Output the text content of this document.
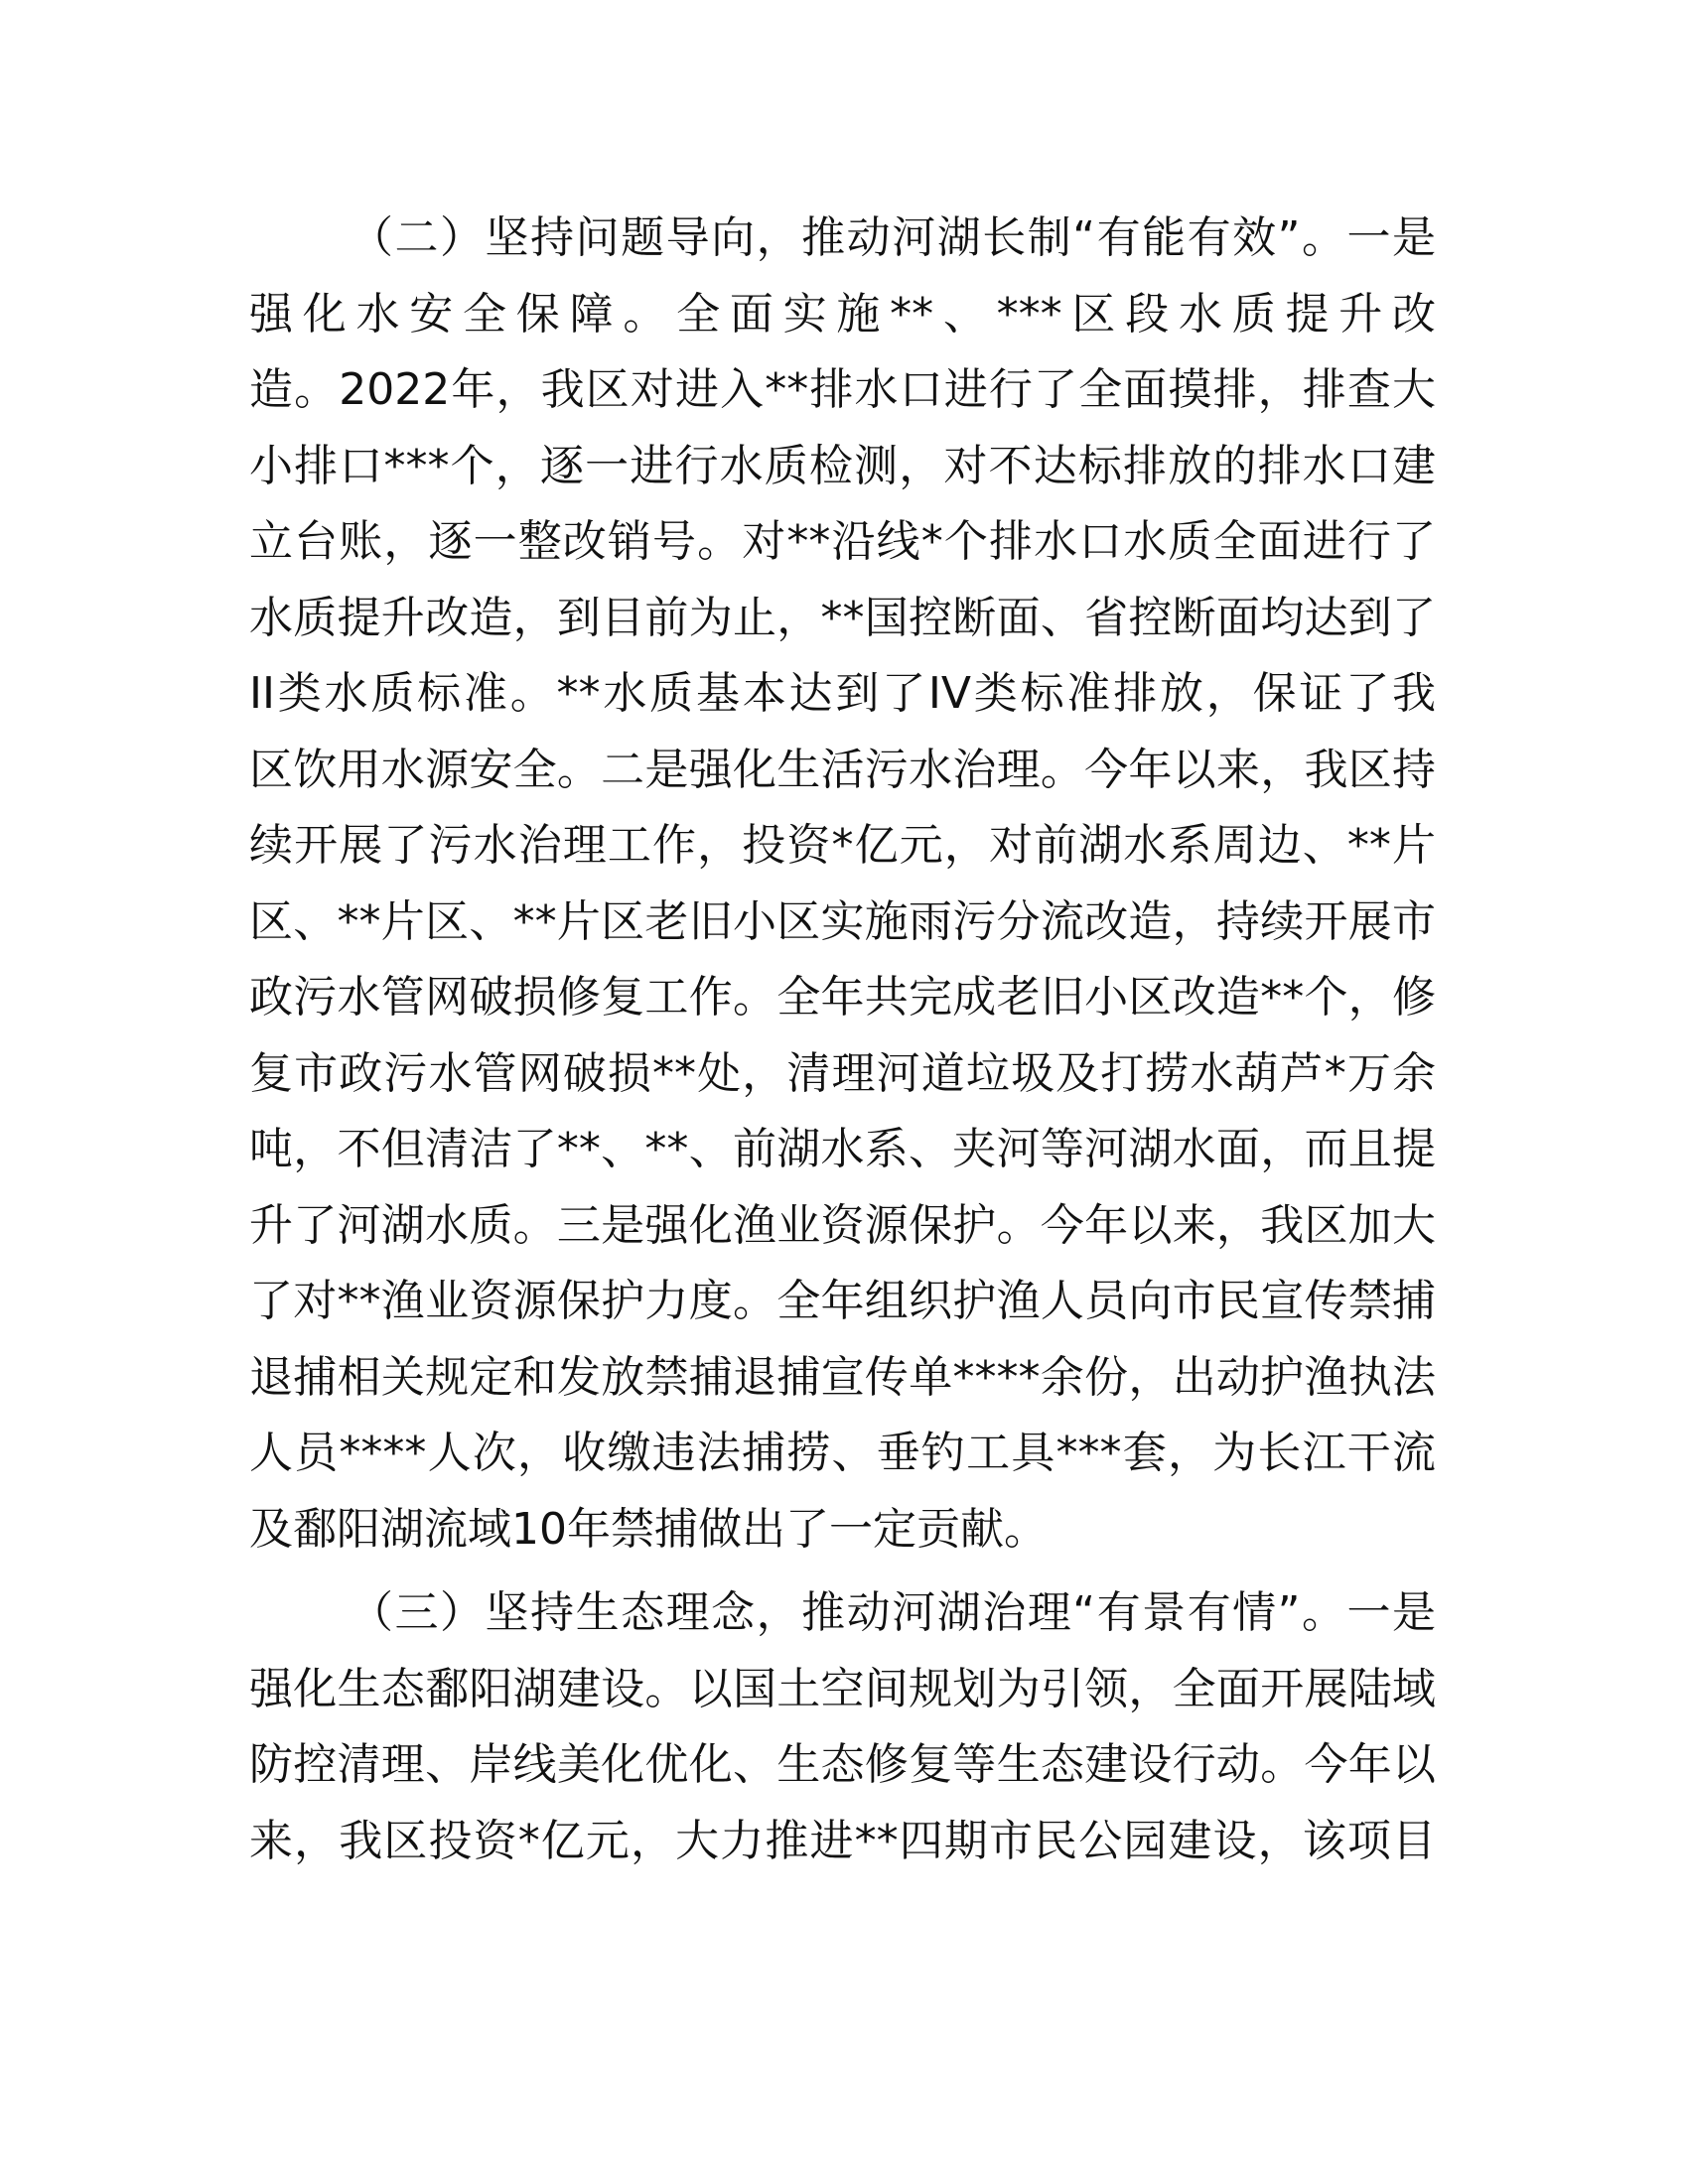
（二）坚持问题导向，推动河湖长制“有能有效”。一是
强化水安全保障。全面实施**、***区段水质提升改
造。2022年，我区对进入**排水口进行了全面摸排，排查大
小排口***个，逐一进行水质检测，对不达标排放的排水口建
立台账，逐一整改销号。对**沿线*个排水口水质全面进行了
水质提升改造，到目前为止，**国控断面、省控断面均达到了
II类水质标准。**水质基本达到了IV类标准排放，保证了我
区饮用水源安全。二是强化生活污水治理。今年以来，我区持
续开展了污水治理工作，投资*亿元，对前湖水系周边、**片
区、**片区、**片区老旧小区实施雨污分流改造，持续开展市
政污水管网破损修复工作。全年共完成老旧小区改造**个，修
复市政污水管网破损**处，清理河道垃圾及打捞水葫芦*万余
吨，不但清洁了**、**、前湖水系、夹河等河湖水面，而且提
升了河湖水质。三是强化渔业资源保护。今年以来，我区加大
了对**渔业资源保护力度。全年组织护渔人员向市民宣传禁捕
退捕相关规定和发放禁捕退捕宣传单****余份，出动护渔执法
人员****人次，收缴违法捕捞、垂钓工具***套，为长江干流
及鄱阳湖流域10年禁捕做出了一定贡献。
（三）坚持生态理念，推动河湖治理“有景有情”。一是
强化生态鄱阳湖建设。以国土空间规划为引领，全面开展陆域
防控清理、岸线美化优化、生态修复等生态建设行动。今年以
来，我区投资*亿元，大力推进**四期市民公园建设，该项目
